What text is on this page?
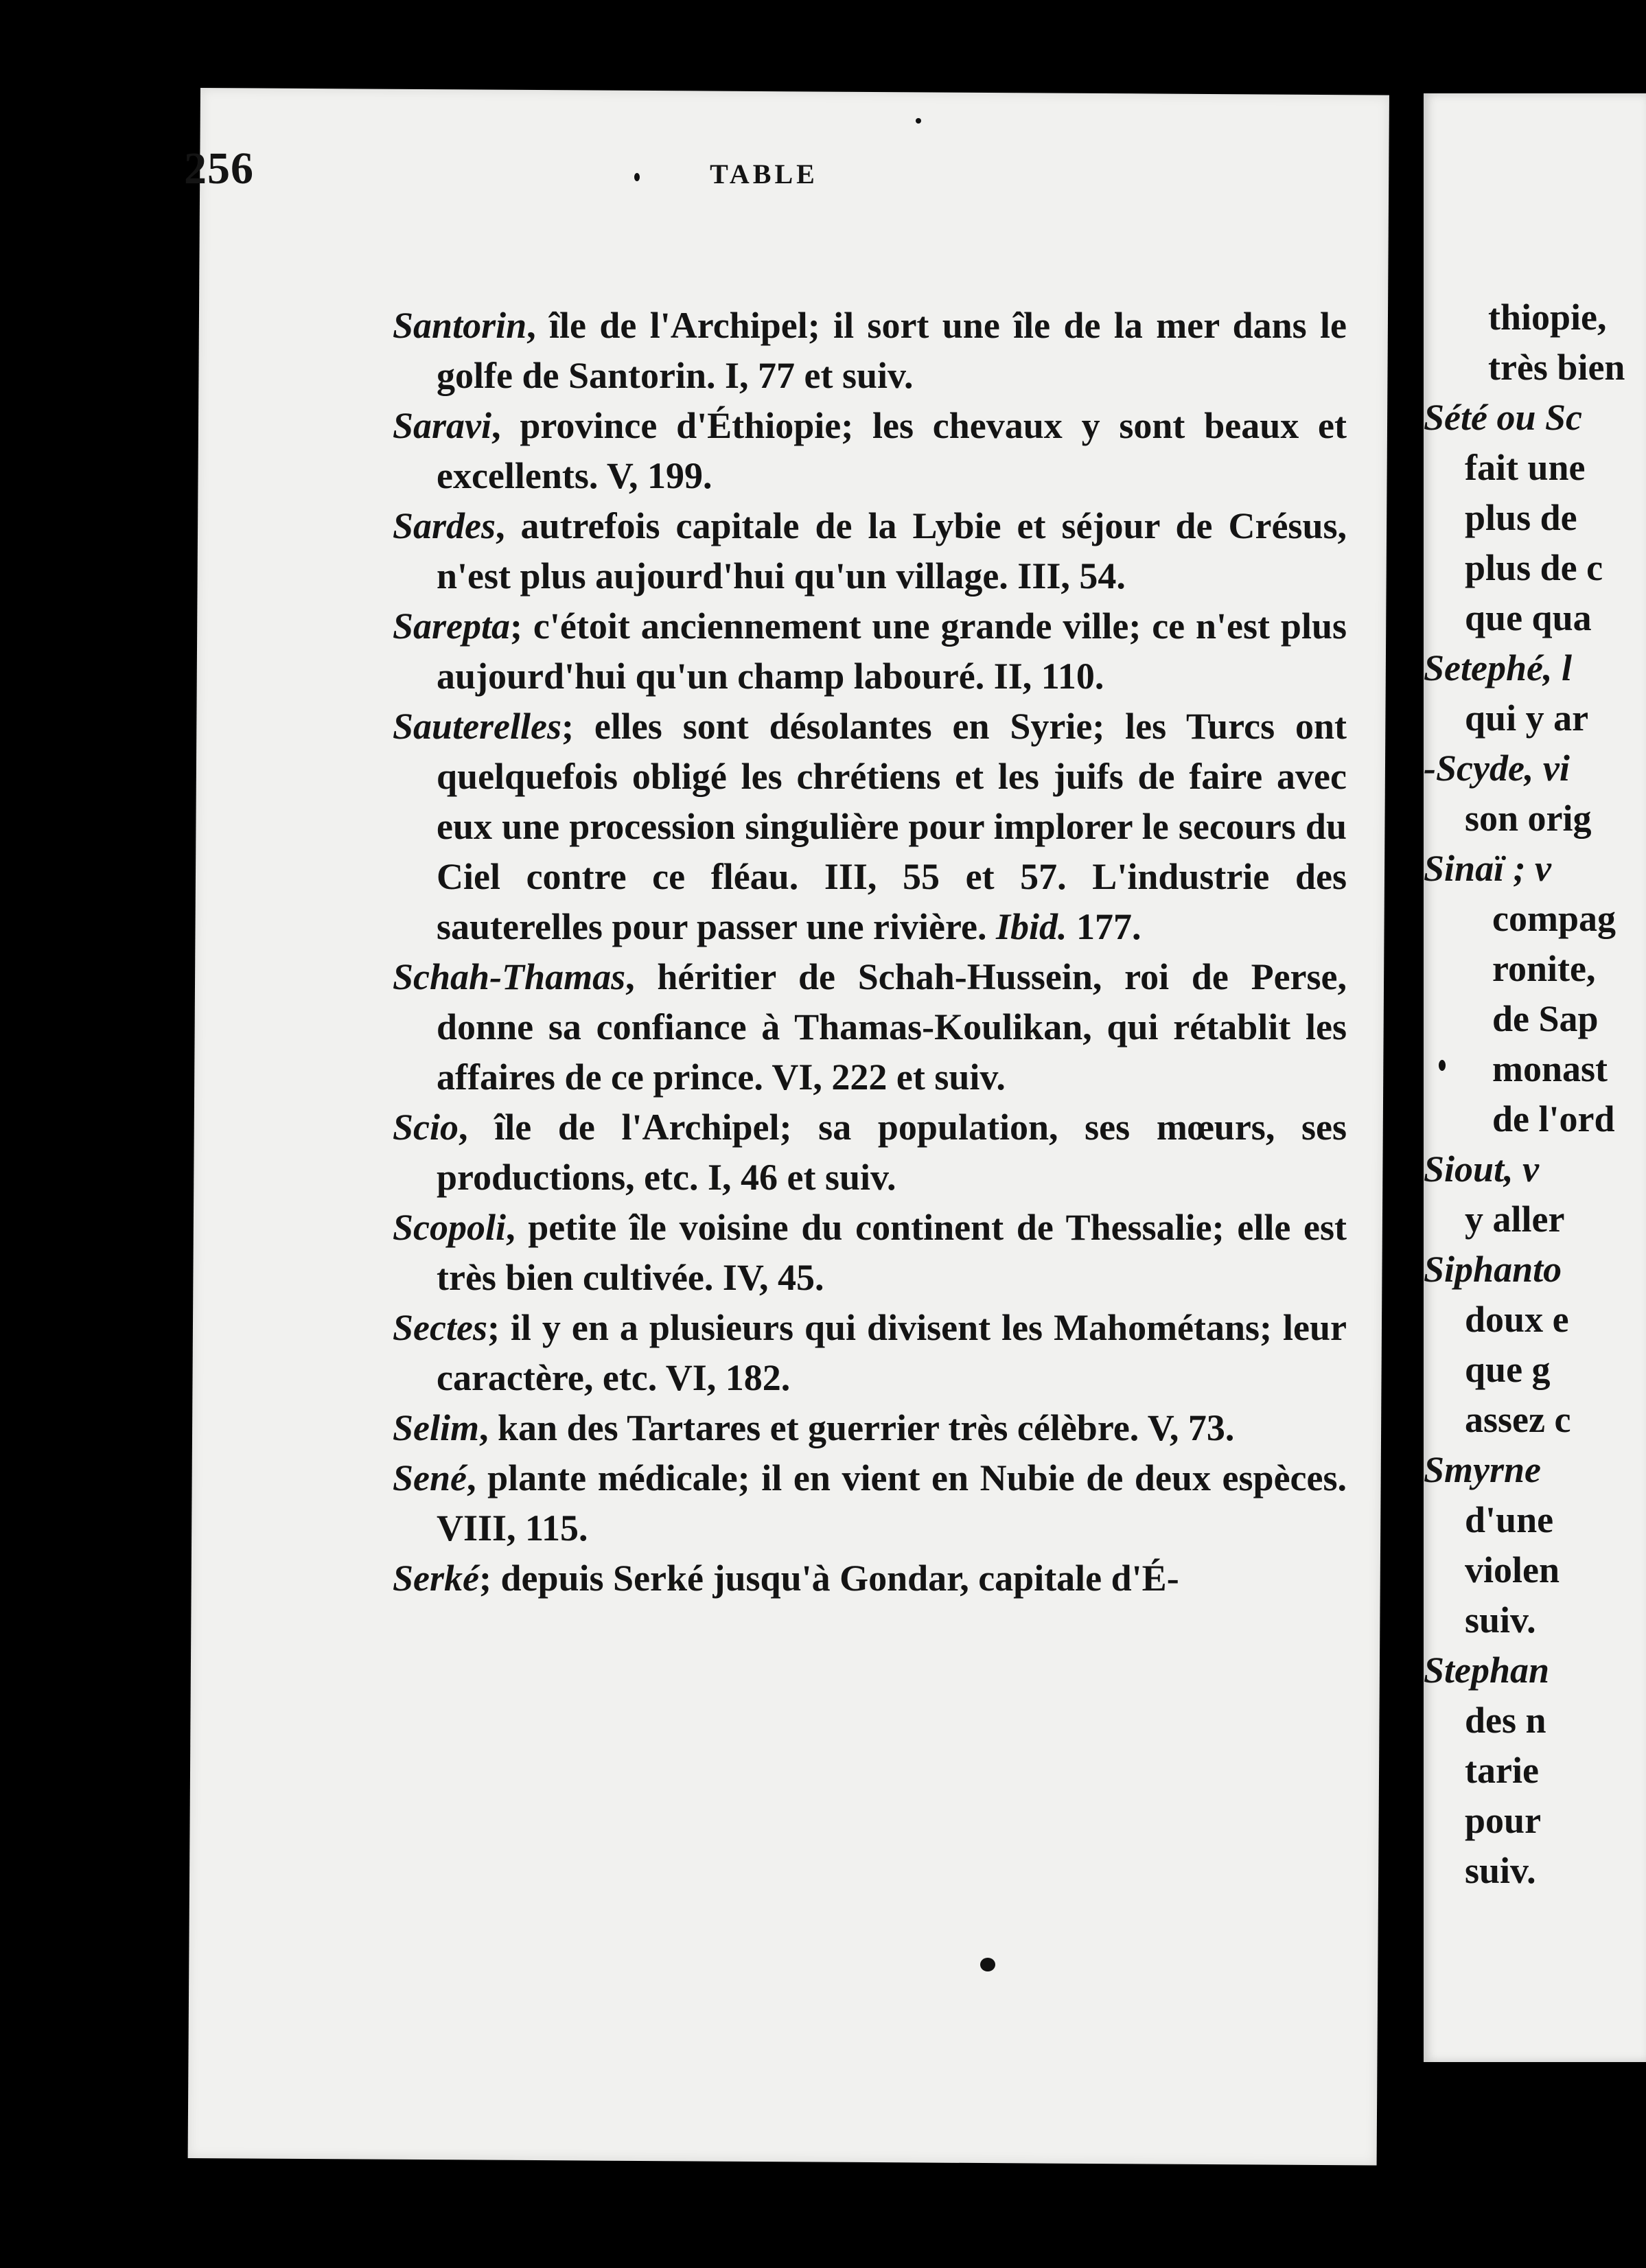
thiopie,
très bien
Sété ou Sc
fait une
plus de
plus de c
que qua
Setephé, l
qui y ar
-Scyde, vi
son orig
Sinaï ; v
compag
ronite,
de Sap
monast
de l'ord
Siout, v
y aller
Siphanto
doux e
que g
assez c
Smyrne
d'une
violen
suiv.
Stephan
des n
tarie
pour
suiv.
256	TABLE

Santorin, île de l'Archipel; il sort une île de la mer dans le golfe de Santorin. I, 77 et suiv.

Saravi, province d'Éthiopie; les chevaux y sont beaux et excellents. V, 199.

Sardes, autrefois capitale de la Lybie et séjour de Crésus, n'est plus aujourd'hui qu'un village. III, 54.

Sarepta; c'étoit anciennement une grande ville; ce n'est plus aujourd'hui qu'un champ labouré. II, 110.

Sauterelles; elles sont désolantes en Syrie; les Turcs ont quelquefois obligé les chrétiens et les juifs de faire avec eux une procession singulière pour implorer le secours du Ciel contre ce fléau. III, 55 et 57. L'industrie des sauterelles pour passer une rivière. Ibid. 177.

Schah-Thamas, héritier de Schah-Hussein, roi de Perse, donne sa confiance à Thamas-Koulikan, qui rétablit les affaires de ce prince. VI, 222 et suiv.

Scio, île de l'Archipel; sa population, ses mœurs, ses productions, etc. I, 46 et suiv.

Scopoli, petite île voisine du continent de Thessalie; elle est très bien cultivée. IV, 45.

Sectes; il y en a plusieurs qui divisent les Mahométans; leur caractère, etc. VI, 182.

Selim, kan des Tartares et guerrier très célèbre. V, 73.

Sené, plante médicale; il en vient en Nubie de deux espèces. VIII, 115.

Serké; depuis Serké jusqu'à Gondar, capitale d'É-
